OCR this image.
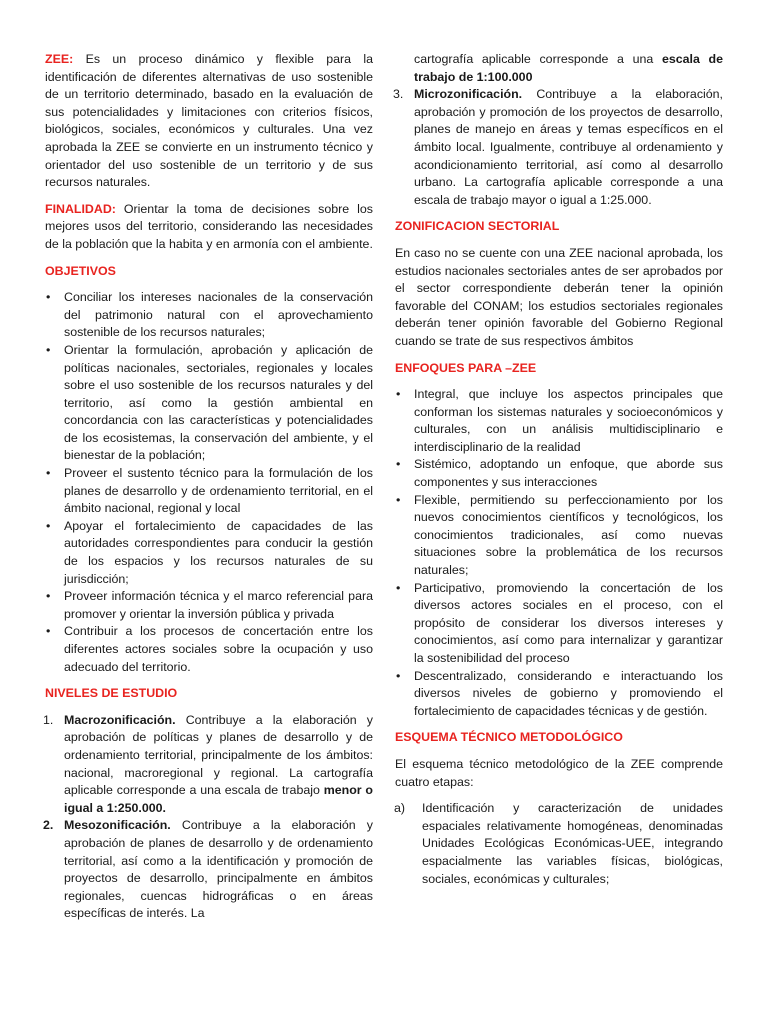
ZEE: Es un proceso dinámico y flexible para la identificación de diferentes alternativas de uso sostenible de un territorio determinado, basado en la evaluación de sus potencialidades y limitaciones con criterios físicos, biológicos, sociales, económicos y culturales. Una vez aprobada la ZEE se convierte en un instrumento técnico y orientador del uso sostenible de un territorio y de sus recursos naturales.

FINALIDAD: Orientar la toma de decisiones sobre los mejores usos del territorio, considerando las necesidades de la población que la habita y en armonía con el ambiente.

OBJETIVOS
• Conciliar los intereses nacionales de la conservación del patrimonio natural con el aprovechamiento sostenible de los recursos naturales;
• Orientar la formulación, aprobación y aplicación de políticas nacionales, sectoriales, regionales y locales sobre el uso sostenible de los recursos naturales y del territorio, así como la gestión ambiental en concordancia con las características y potencialidades de los ecosistemas, la conservación del ambiente, y el bienestar de la población;
• Proveer el sustento técnico para la formulación de los planes de desarrollo y de ordenamiento territorial, en el ámbito nacional, regional y local
• Apoyar el fortalecimiento de capacidades de las autoridades correspondientes para conducir la gestión de los espacios y los recursos naturales de su jurisdicción;
• Proveer información técnica y el marco referencial para promover y orientar la inversión pública y privada
• Contribuir a los procesos de concertación entre los diferentes actores sociales sobre la ocupación y uso adecuado del territorio.
NIVELES DE ESTUDIO
1. Macrozonificación. Contribuye a la elaboración y aprobación de políticas y planes de desarrollo y de ordenamiento territorial, principalmente de los ámbitos: nacional, macroregional y regional. La cartografía aplicable corresponde a una escala de trabajo menor o igual a 1:250.000.
2. Mesozonificación. Contribuye a la elaboración y aprobación de planes de desarrollo y de ordenamiento territorial, así como a la identificación y promoción de proyectos de desarrollo, principalmente en ámbitos regionales, cuencas hidrográficas o en áreas específicas de interés. La
cartografía aplicable corresponde a una escala de trabajo de 1:100.000
3. Microzonificación. Contribuye a la elaboración, aprobación y promoción de los proyectos de desarrollo, planes de manejo en áreas y temas específicos en el ámbito local. Igualmente, contribuye al ordenamiento y acondicionamiento territorial, así como al desarrollo urbano. La cartografía aplicable corresponde a una escala de trabajo mayor o igual a 1:25.000.
ZONIFICACION SECTORIAL

En caso no se cuente con una ZEE nacional aprobada, los estudios nacionales sectoriales antes de ser aprobados por el sector correspondiente deberán tener la opinión favorable del CONAM; los estudios sectoriales regionales deberán tener opinión favorable del Gobierno Regional cuando se trate de sus respectivos ámbitos

ENFOQUES PARA –ZEE
• Integral, que incluye los aspectos principales que conforman los sistemas naturales y socioeconómicos y culturales, con un análisis multidisciplinario e interdisciplinario de la realidad
• Sistémico, adoptando un enfoque, que aborde sus componentes y sus interacciones
• Flexible, permitiendo su perfeccionamiento por los nuevos conocimientos científicos y tecnológicos, los conocimientos tradicionales, así como nuevas situaciones sobre la problemática de los recursos naturales;
• Participativo, promoviendo la concertación de los diversos actores sociales en el proceso, con el propósito de considerar los diversos intereses y conocimientos, así como para internalizar y garantizar la sostenibilidad del proceso
• Descentralizado, considerando e interactuando los diversos niveles de gobierno y promoviendo el fortalecimiento de capacidades técnicas y de gestión.
ESQUEMA TÉCNICO METODOLÓGICO

El esquema técnico metodológico de la ZEE comprende cuatro etapas:

a) Identificación y caracterización de unidades espaciales relativamente homogéneas, denominadas Unidades Ecológicas Económicas-UEE, integrando espacialmente las variables físicas, biológicas, sociales, económicas y culturales;
